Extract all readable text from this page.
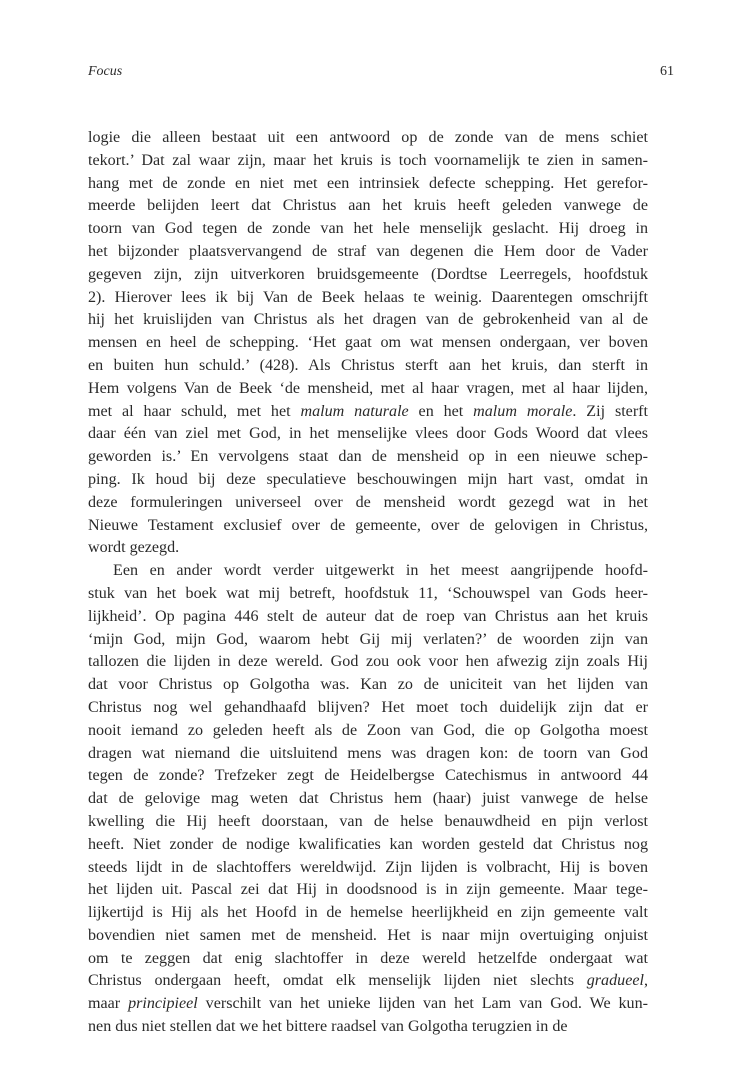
Focus	61
logie die alleen bestaat uit een antwoord op de zonde van de mens schiet
tekort.’ Dat zal waar zijn, maar het kruis is toch voornamelijk te zien in samen-
hang met de zonde en niet met een intrinsiek defecte schepping. Het gerefor-
meerde belijden leert dat Christus aan het kruis heeft geleden vanwege de
toorn van God tegen de zonde van het hele menselijk geslacht. Hij droeg in
het bijzonder plaatsvervangend de straf van degenen die Hem door de Vader
gegeven zijn, zijn uitverkoren bruidsgemeente (Dordtse Leerregels, hoofdstuk
2). Hierover lees ik bij Van de Beek helaas te weinig. Daarentegen omschrijft
hij het kruislijden van Christus als het dragen van de gebrokenheid van al de
mensen en heel de schepping. ‘Het gaat om wat mensen ondergaan, ver boven
en buiten hun schuld.’ (428). Als Christus sterft aan het kruis, dan sterft in
Hem volgens Van de Beek ‘de mensheid, met al haar vragen, met al haar lijden,
met al haar schuld, met het malum naturale en het malum morale. Zij sterft
daar één van ziel met God, in het menselijke vlees door Gods Woord dat vlees
geworden is.’ En vervolgens staat dan de mensheid op in een nieuwe schep-
ping. Ik houd bij deze speculatieve beschouwingen mijn hart vast, omdat in
deze formuleringen universeel over de mensheid wordt gezegd wat in het
Nieuwe Testament exclusief over de gemeente, over de gelovigen in Christus,
wordt gezegd.
Een en ander wordt verder uitgewerkt in het meest aangrijpende hoofd-
stuk van het boek wat mij betreft, hoofdstuk 11, ‘Schouwspel van Gods heer-
lijkheid’. Op pagina 446 stelt de auteur dat de roep van Christus aan het kruis
‘mijn God, mijn God, waarom hebt Gij mij verlaten?’ de woorden zijn van
tallozen die lijden in deze wereld. God zou ook voor hen afwezig zijn zoals Hij
dat voor Christus op Golgotha was. Kan zo de uniciteit van het lijden van
Christus nog wel gehandhaafd blijven? Het moet toch duidelijk zijn dat er
nooit iemand zo geleden heeft als de Zoon van God, die op Golgotha moest
dragen wat niemand die uitsluitend mens was dragen kon: de toorn van God
tegen de zonde? Trefzeker zegt de Heidelbergse Catechismus in antwoord 44
dat de gelovige mag weten dat Christus hem (haar) juist vanwege de helse
kwelling die Hij heeft doorstaan, van de helse benauwdheid en pijn verlost
heeft. Niet zonder de nodige kwalificaties kan worden gesteld dat Christus nog
steeds lijdt in de slachtoffers wereldwijd. Zijn lijden is volbracht, Hij is boven
het lijden uit. Pascal zei dat Hij in doodsnood is in zijn gemeente. Maar tege-
lijkertijd is Hij als het Hoofd in de hemelse heerlijkheid en zijn gemeente valt
bovendien niet samen met de mensheid. Het is naar mijn overtuiging onjuist
om te zeggen dat enig slachtoffer in deze wereld hetzelfde ondergaat wat
Christus ondergaan heeft, omdat elk menselijk lijden niet slechts gradueel,
maar principieel verschilt van het unieke lijden van het Lam van God. We kun-
nen dus niet stellen dat we het bittere raadsel van Golgotha terugzien in de
